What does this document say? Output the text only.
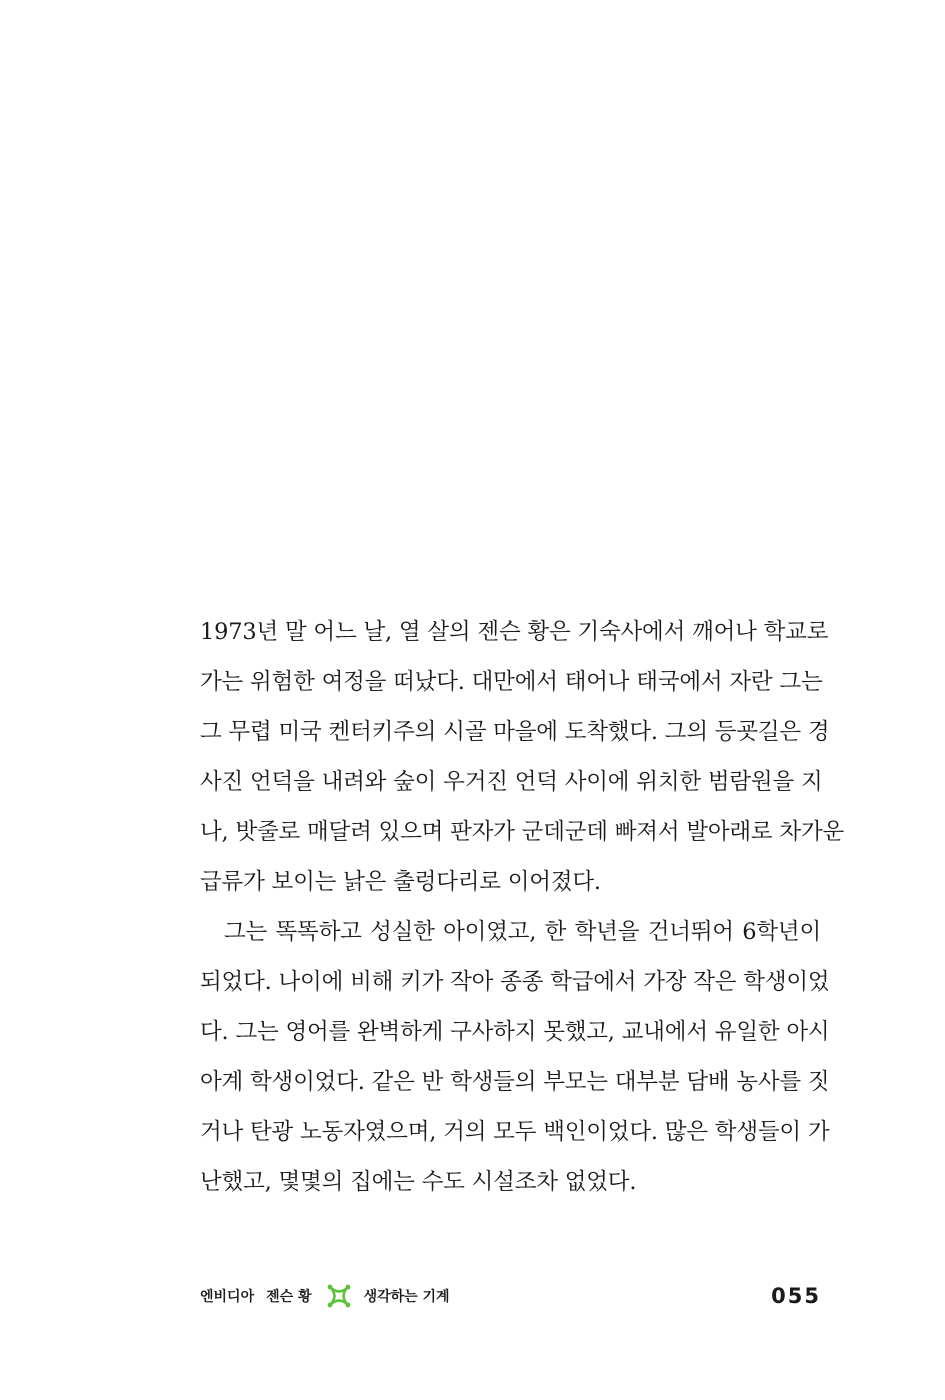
1973년 말 어느 날, 열 살의 젠슨 황은 기숙사에서 깨어나 학교로
가는 위험한 여정을 떠났다. 대만에서 태어나 태국에서 자란 그는
그 무렵 미국 켄터키주의 시골 마을에 도착했다. 그의 등굣길은 경
사진 언덕을 내려와 숲이 우거진 언덕 사이에 위치한 범람원을 지
나, 밧줄로 매달려 있으며 판자가 군데군데 빠져서 발아래로 차가운
급류가 보이는 낡은 출렁다리로 이어졌다.
그는 똑똑하고 성실한 아이였고, 한 학년을 건너뛰어 6학년이
되었다. 나이에 비해 키가 작아 종종 학급에서 가장 작은 학생이었
다. 그는 영어를 완벽하게 구사하지 못했고, 교내에서 유일한 아시
아계 학생이었다. 같은 반 학생들의 부모는 대부분 담배 농사를 짓
거나 탄광 노동자였으며, 거의 모두 백인이었다. 많은 학생들이 가
난했고, 몇몇의 집에는 수도 시설조차 없었다.
엔비디아 젠슨 황	생각하는 기계	055
